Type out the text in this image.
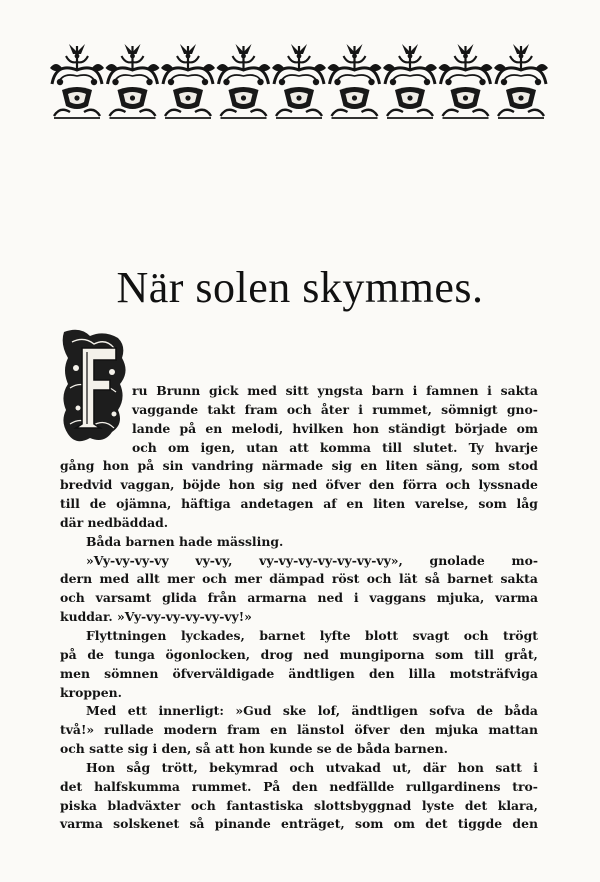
När solen skymmes.
ru Brunn gick med sitt yngsta barn i famnen i sakta
vaggande takt fram och åter i rummet, sömnigt gno-
lande på en melodi, hvilken hon ständigt började om
och om igen, utan att komma till slutet. Ty hvarje
gång hon på sin vandring närmade sig en liten säng, som stod
bredvid vaggan, böjde hon sig ned öfver den förra och lyssnade
till de ojämna, häftiga andetagen af en liten varelse, som låg
där nedbäddad.
Båda barnen hade mässling.
»Vy-vy-vy-vy vy-vy, vy-vy-vy-vy-vy-vy-vy», gnolade mo-
dern med allt mer och mer dämpad röst och lät så barnet sakta
och varsamt glida från armarna ned i vaggans mjuka, varma
kuddar. »Vy-vy-vy-vy-vy-vy!»
Flyttningen lyckades, barnet lyfte blott svagt och trögt
på de tunga ögonlocken, drog ned mungiporna som till gråt,
men sömnen öfverväldigade ändtligen den lilla motsträfviga
kroppen.
Med ett innerligt: »Gud ske lof, ändtligen sofva de båda
två!» rullade modern fram en länstol öfver den mjuka mattan
och satte sig i den, så att hon kunde se de båda barnen.
Hon såg trött, bekymrad och utvakad ut, där hon satt i
det halfskumma rummet. På den nedfällde rullgardinens tro-
piska bladväxter och fantastiska slottsbyggnad lyste det klara,
varma solskenet så pinande enträget, som om det tiggde den
